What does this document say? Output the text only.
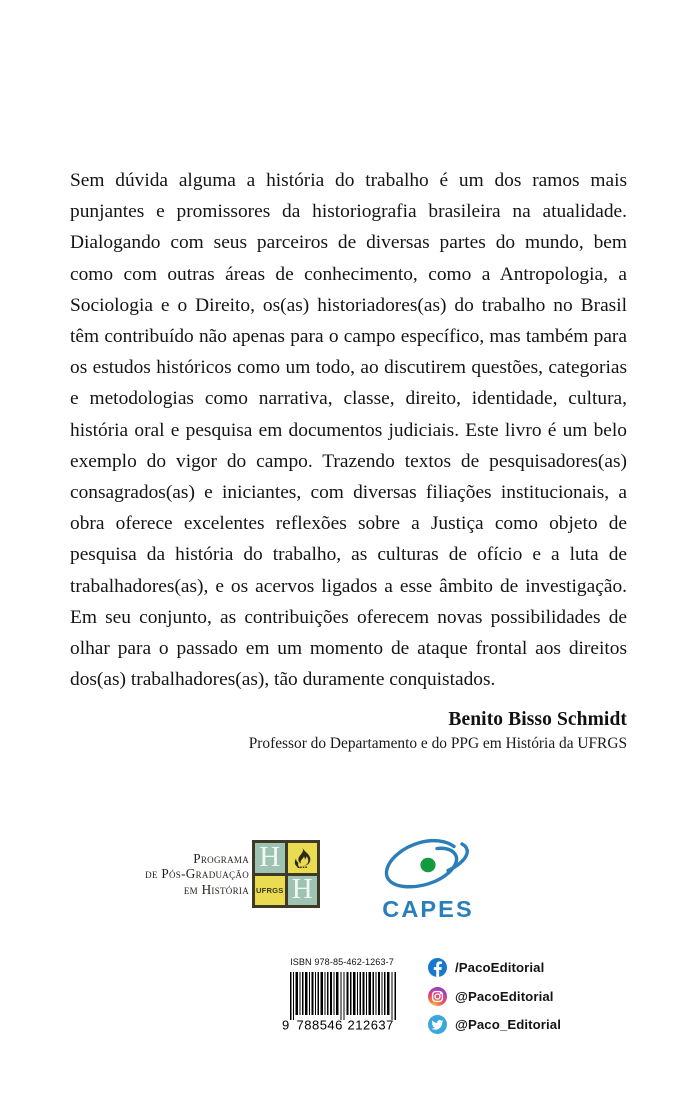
Sem dúvida alguma a história do trabalho é um dos ramos mais punjantes e promissores da historiografia brasileira na atualidade. Dialogando com seus parceiros de diversas partes do mundo, bem como com outras áreas de conhecimento, como a Antropologia, a Sociologia e o Direito, os(as) historiadores(as) do trabalho no Brasil têm contribuído não apenas para o campo específico, mas também para os estudos históricos como um todo, ao discutirem questões, categorias e metodologias como narrativa, classe, direito, identidade, cultura, história oral e pesquisa em documentos judiciais. Este livro é um belo exemplo do vigor do campo. Trazendo textos de pesquisadores(as) consagrados(as) e iniciantes, com diversas filiações institucionais, a obra oferece excelentes reflexões sobre a Justiça como objeto de pesquisa da história do trabalho, as culturas de ofício e a luta de trabalhadores(as), e os acervos ligados a esse âmbito de investigação. Em seu conjunto, as contribuições oferecem novas possibilidades de olhar para o passado em um momento de ataque frontal aos direitos dos(as) trabalhadores(as), tão duramente conquistados.
Benito Bisso Schmidt
Professor do Departamento e do PPG em História da UFRGS
Programa
de Pós-Graduação
em História
H
UFRGS H
CAPES
ISBN 978-85-462-1263-7
9 788546 212637
/PacoEditorial
@PacoEditorial
@Paco_Editorial
